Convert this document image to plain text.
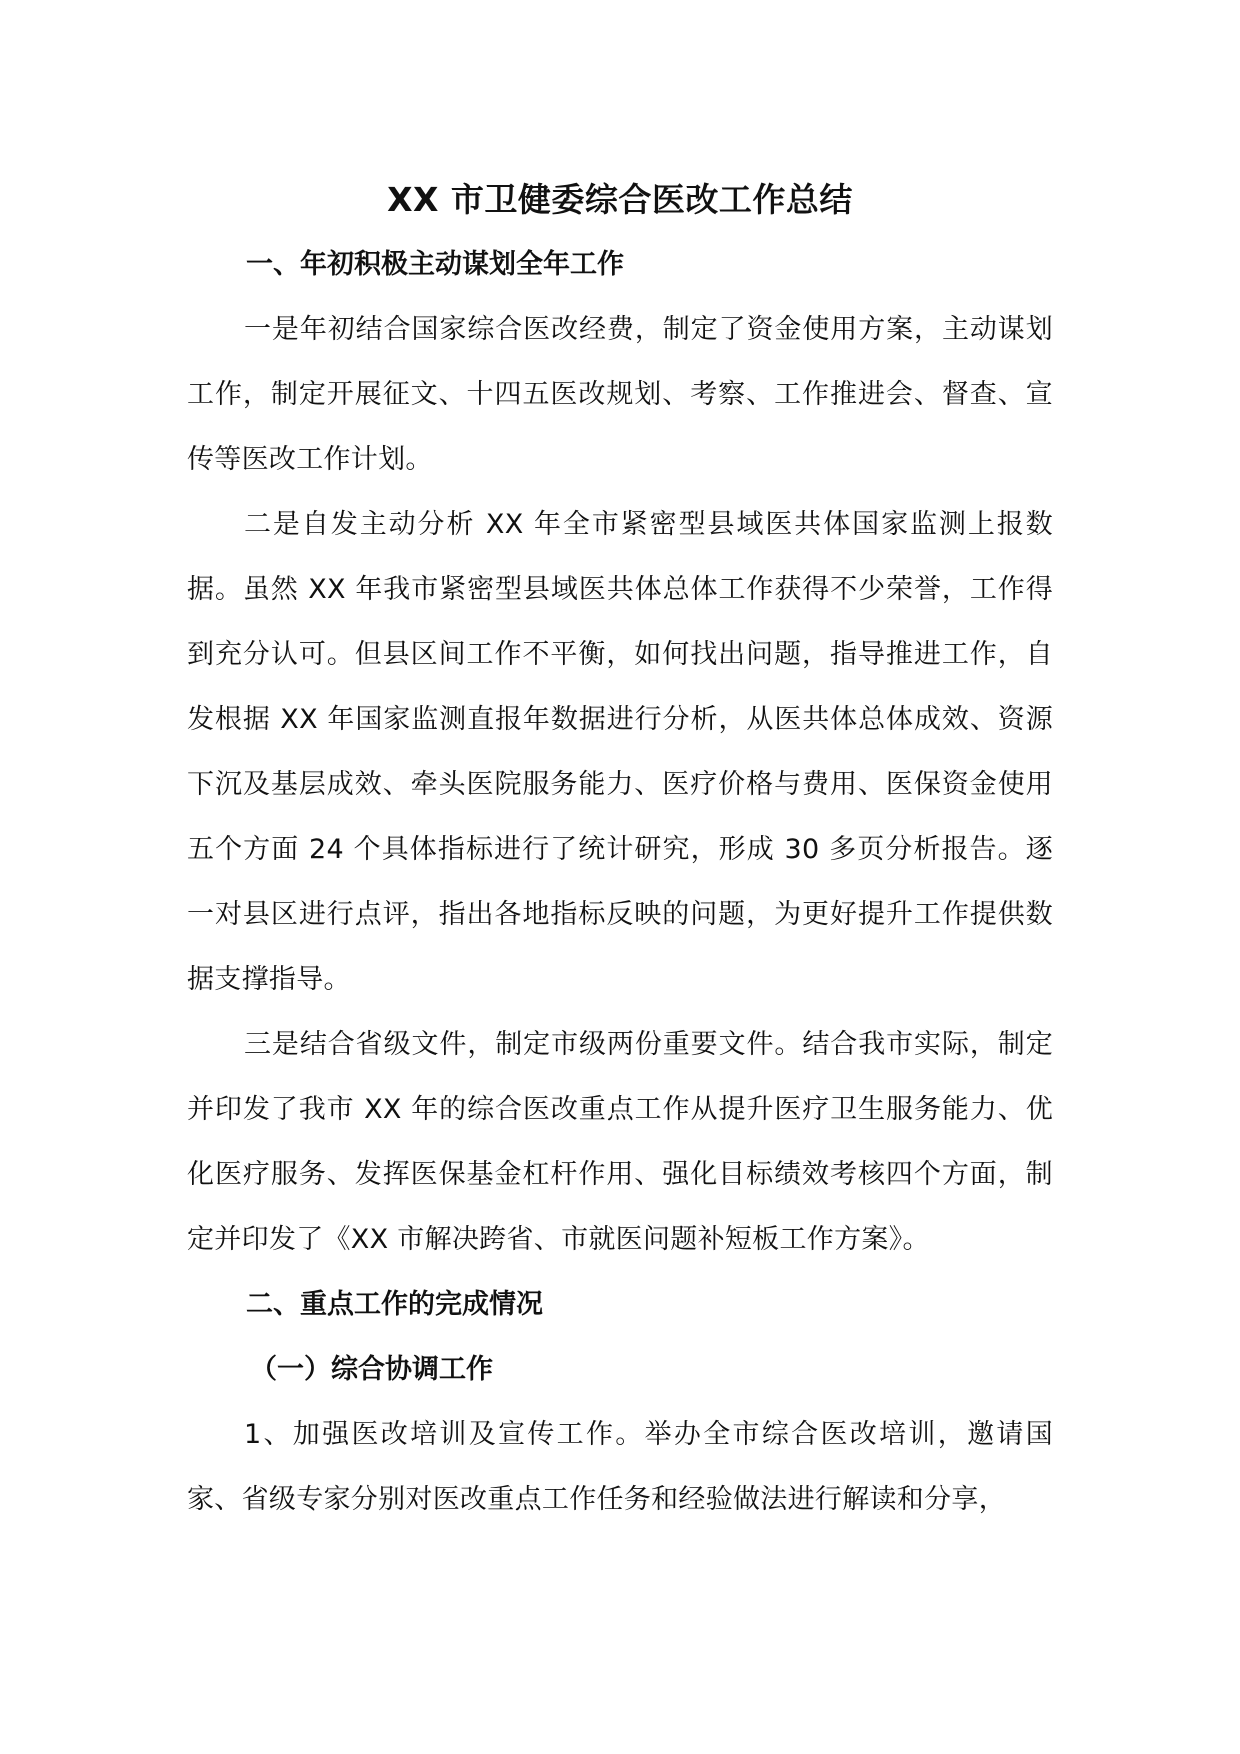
XX 市卫健委综合医改工作总结
一、年初积极主动谋划全年工作

一是年初结合国家综合医改经费，制定了资金使用方案，主动谋划工作，制定开展征文、十四五医改规划、考察、工作推进会、督查、宣传等医改工作计划。

二是自发主动分析 XX 年全市紧密型县域医共体国家监测上报数据。虽然 XX 年我市紧密型县域医共体总体工作获得不少荣誉，工作得到充分认可。但县区间工作不平衡，如何找出问题，指导推进工作，自发根据 XX 年国家监测直报年数据进行分析，从医共体总体成效、资源下沉及基层成效、牵头医院服务能力、医疗价格与费用、医保资金使用五个方面 24 个具体指标进行了统计研究，形成 30 多页分析报告。逐一对县区进行点评，指出各地指标反映的问题，为更好提升工作提供数据支撑指导。

三是结合省级文件，制定市级两份重要文件。结合我市实际，制定并印发了我市 XX 年的综合医改重点工作从提升医疗卫生服务能力、优化医疗服务、发挥医保基金杠杆作用、强化目标绩效考核四个方面，制定并印发了《XX 市解决跨省、市就医问题补短板工作方案》。

二、重点工作的完成情况
（一）综合协调工作

1、加强医改培训及宣传工作。举办全市综合医改培训，邀请国家、省级专家分别对医改重点工作任务和经验做法进行解读和分享，
